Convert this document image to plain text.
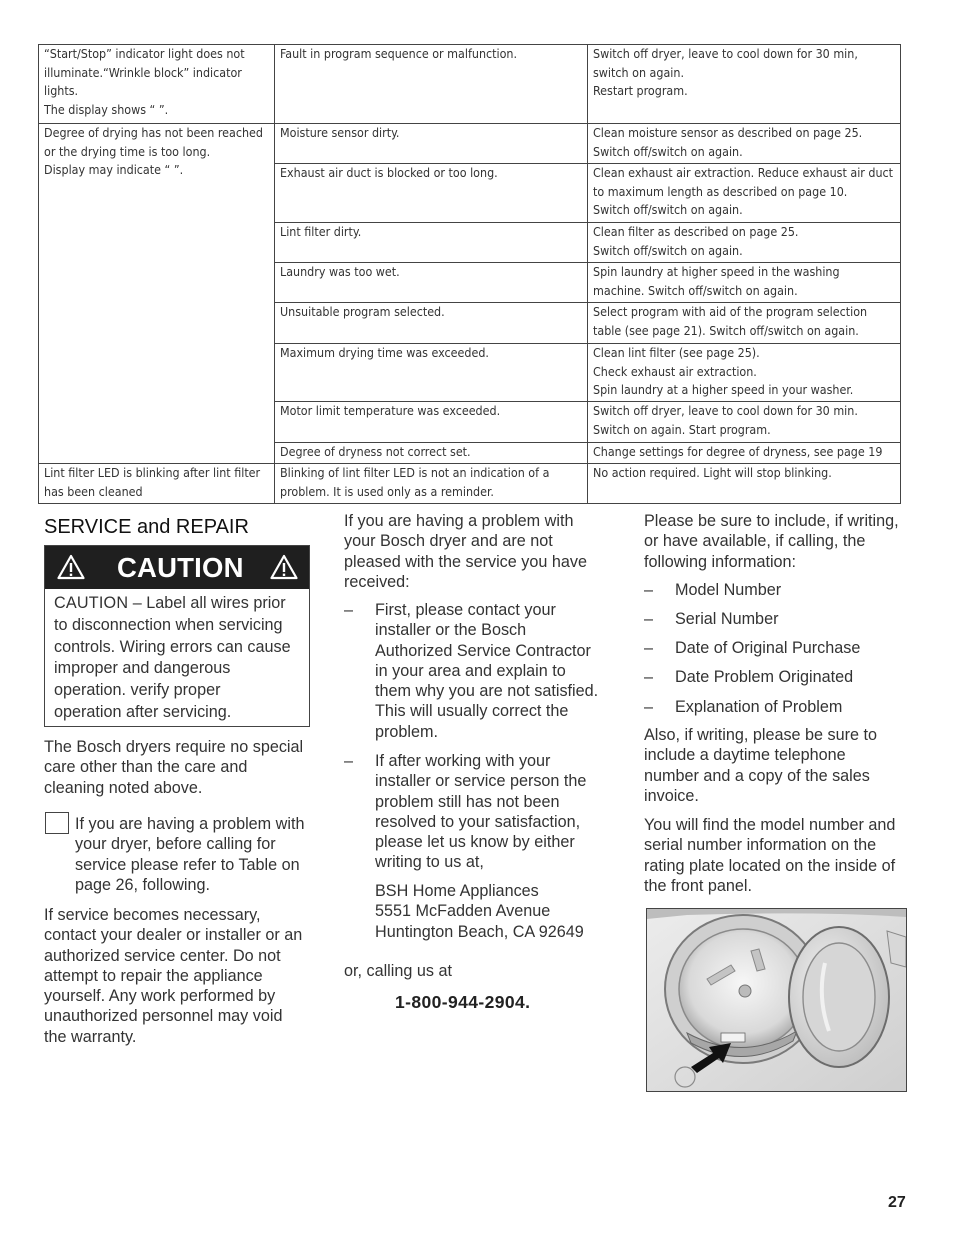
“Start/Stop” indicator light does not
illuminate.“Wrinkle block” indicator
lights.
The display shows “ ”.	Fault in program sequence or malfunction.	Switch off dryer, leave to cool down for 30 min,
switch on again.
Restart program.

Degree of drying has not been reached
or the drying time is too long.
Display may indicate “ ”.	Moisture sensor dirty.	Clean moisture sensor as described on page 25.
Switch off/switch on again.

	Exhaust air duct is blocked or too long.	Clean exhaust air extraction. Reduce exhaust air duct
to maximum length as described on page 10.
Switch off/switch on again.

	Lint filter dirty.	Clean filter as described on page 25.
Switch off/switch on again.

	Laundry was too wet.	Spin laundry at higher speed in the washing
machine. Switch off/switch on again.

	Unsuitable program selected.	Select program with aid of the program selection
table (see page 21). Switch off/switch on again.

	Maximum drying time was exceeded.	Clean lint filter (see page 25).
Check exhaust air extraction.
Spin laundry at a higher speed in your washer.

	Motor limit temperature was exceeded.	Switch off dryer, leave to cool down for 30 min.
Switch on again. Start program.

	Degree of dryness not correct set.	Change settings for degree of dryness, see page 19

Lint filter LED is blinking after lint filter
has been cleaned	Blinking of lint filter LED is not an indication of a
problem. It is used only as a reminder.	No action required. Light will stop blinking.
SERVICE and REPAIR
CAUTION
CAUTION – Label all wires prior
to disconnection when servicing
controls. Wiring errors can cause
improper and dangerous
operation. verify proper
operation after servicing.
The Bosch dryers require no special
care other than the care and
cleaning noted above.
If you are having a problem with
your dryer, before calling for
service please refer to Table on
page 26, following.
If service becomes necessary,
contact your dealer or installer or an
authorized service center. Do not
attempt to repair the appliance
yourself. Any work performed by
unauthorized personnel may void
the warranty.
If you are having a problem with
your Bosch dryer and are not
pleased with the service you have
received:
– First, please contact your
installer or the Bosch
Authorized Service Contractor
in your area and explain to
them why you are not satisfied.
This will usually correct the
problem.
– If after working with your
installer or service person the
problem still has not been
resolved to your satisfaction,
please let us know by either
writing to us at,
BSH Home Appliances
5551 McFadden Avenue
Huntington Beach, CA 92649
or, calling us at
1-800-944-2904.
Please be sure to include, if writing,
or have available, if calling, the
following information:
– Model Number
– Serial Number
– Date of Original Purchase
– Date Problem Originated
– Explanation of Problem
Also, if writing, please be sure to
include a daytime telephone
number and a copy of the sales
invoice.
You will find the model number and
serial number information on the
rating plate located on the inside of
the front panel.
27
